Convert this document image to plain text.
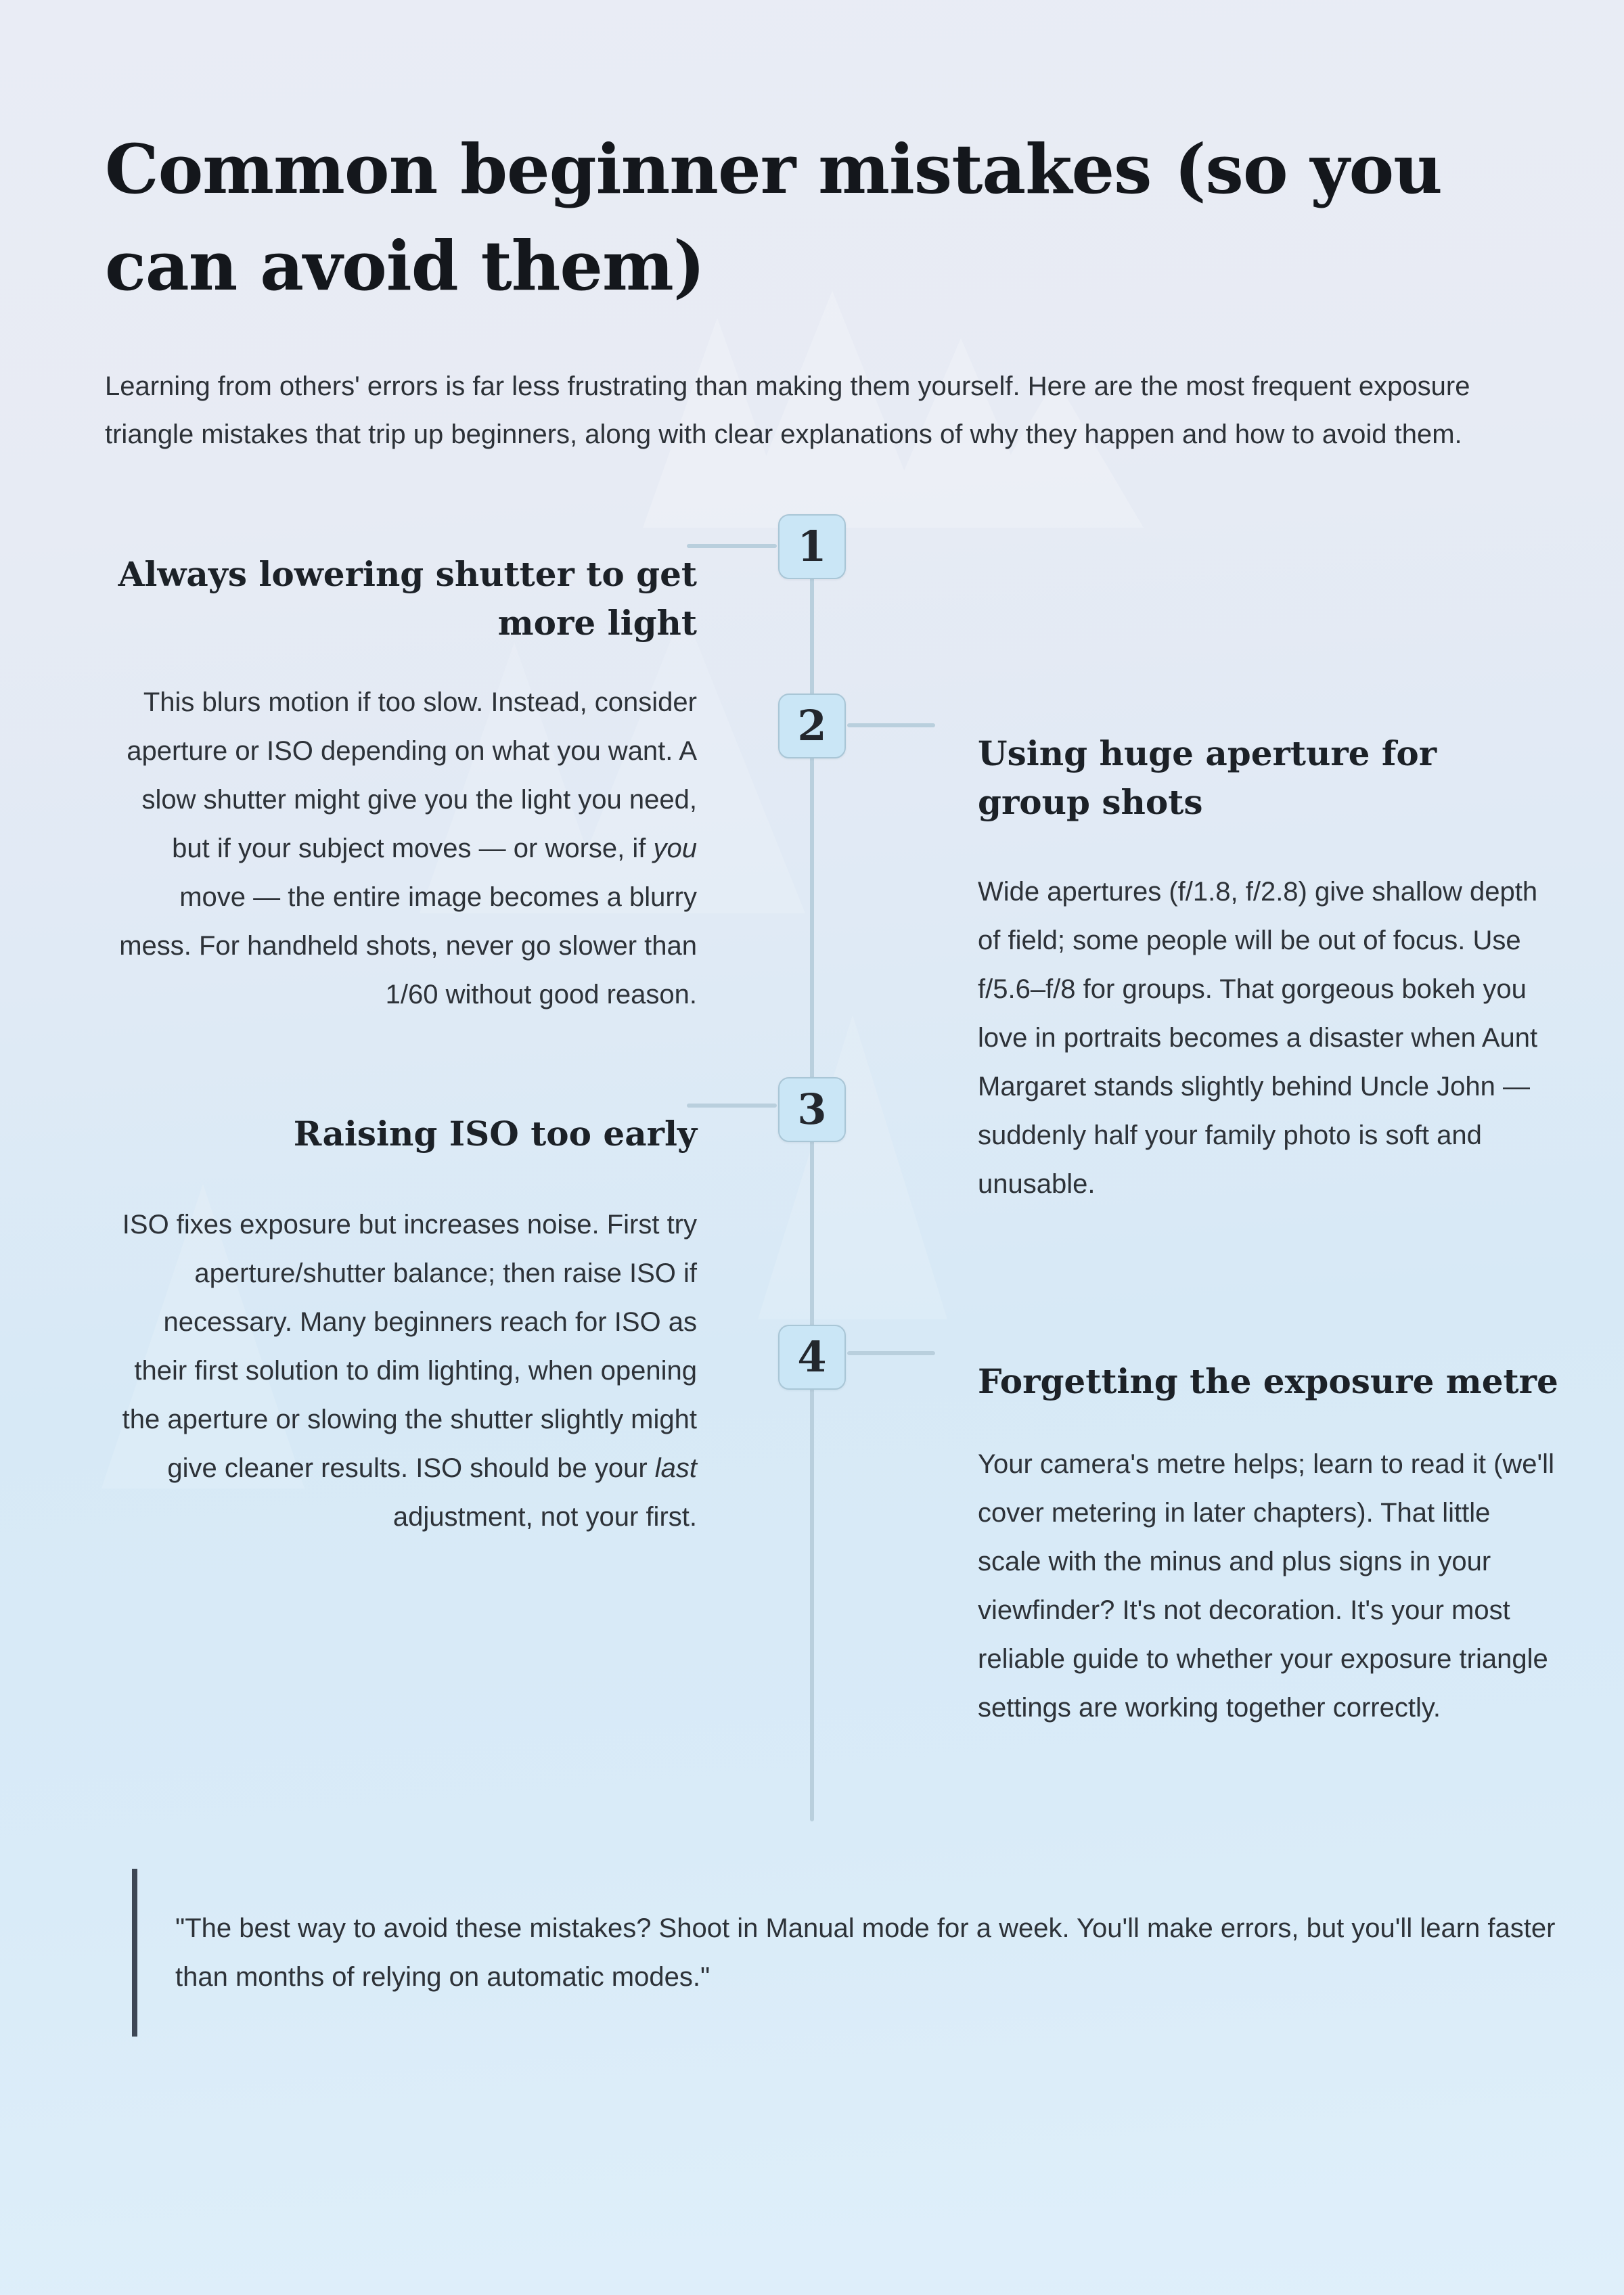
Common beginner mistakes (so you can avoid them)

Learning from others' errors is far less frustrating than making them yourself. Here are the most frequent exposure triangle mistakes that trip up beginners, along with clear explanations of why they happen and how to avoid them.

1
2
3
4
Always lowering shutter to get more light

This blurs motion if too slow. Instead, consider aperture or ISO depending on what you want. A slow shutter might give you the light you need, but if your subject moves — or worse, if you move — the entire image becomes a blurry mess. For handheld shots, never go slower than 1/60 without good reason.

Using huge aperture for group shots

Wide apertures (f/1.8, f/2.8) give shallow depth of field; some people will be out of focus. Use f/5.6–f/8 for groups. That gorgeous bokeh you love in portraits becomes a disaster when Aunt Margaret stands slightly behind Uncle John — suddenly half your family photo is soft and unusable.

Raising ISO too early

ISO fixes exposure but increases noise. First try aperture/shutter balance; then raise ISO if necessary. Many beginners reach for ISO as their first solution to dim lighting, when opening the aperture or slowing the shutter slightly might give cleaner results. ISO should be your last adjustment, not your first.

Forgetting the exposure metre

Your camera's metre helps; learn to read it (we'll cover metering in later chapters). That little scale with the minus and plus signs in your viewfinder? It's not decoration. It's your most reliable guide to whether your exposure triangle settings are working together correctly.

"The best way to avoid these mistakes? Shoot in Manual mode for a week. You'll make errors, but you'll learn faster than months of relying on automatic modes."
